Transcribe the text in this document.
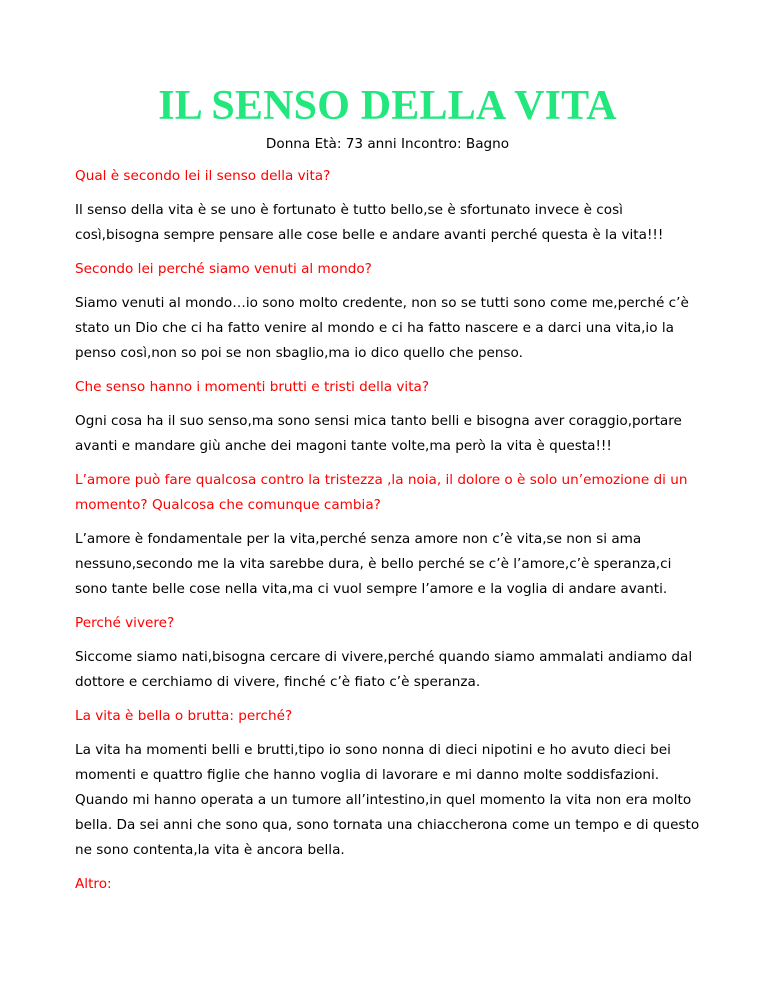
IL SENSO DELLA VITA

Donna Età: 73 anni Incontro: Bagno

Qual è secondo lei il senso della vita?

Il senso della vita è se uno è fortunato è tutto bello,se è sfortunato invece è così così,bisogna sempre pensare alle cose belle e andare avanti perché questa è la vita!!!

Secondo lei perché siamo venuti al mondo?

Siamo venuti al mondo…io sono molto credente, non so se tutti sono come me,perché c’è stato un Dio che ci ha fatto venire al mondo e ci ha fatto nascere e a darci una vita,io la penso così,non so poi se non sbaglio,ma io dico quello che penso.

Che senso hanno i momenti brutti e tristi della vita?

Ogni cosa ha il suo senso,ma sono sensi mica tanto belli e bisogna aver coraggio,portare avanti e mandare giù anche dei magoni tante volte,ma però la vita è questa!!!

L’amore può fare qualcosa contro la tristezza ,la noia, il dolore o è solo un’emozione di un momento? Qualcosa che comunque cambia?

L’amore è fondamentale per la vita,perché senza amore non c’è vita,se non si ama nessuno,secondo me la vita sarebbe dura, è bello perché se c’è l’amore,c’è speranza,ci sono tante belle cose nella vita,ma ci vuol sempre l’amore e la voglia di andare avanti.

Perché vivere?

Siccome siamo nati,bisogna cercare di vivere,perché quando siamo ammalati andiamo dal dottore e cerchiamo di vivere, finché c’è fiato c’è speranza.

La vita è bella o brutta: perché?

La vita ha momenti belli e brutti,tipo io sono nonna di dieci nipotini e ho avuto dieci bei momenti e quattro figlie che hanno voglia di lavorare e mi danno molte soddisfazioni. Quando mi hanno operata a un tumore all’intestino,in quel momento la vita non era molto bella. Da sei anni che sono qua, sono tornata una chiaccherona come un tempo e di questo ne sono contenta,la vita è ancora bella.

Altro:
